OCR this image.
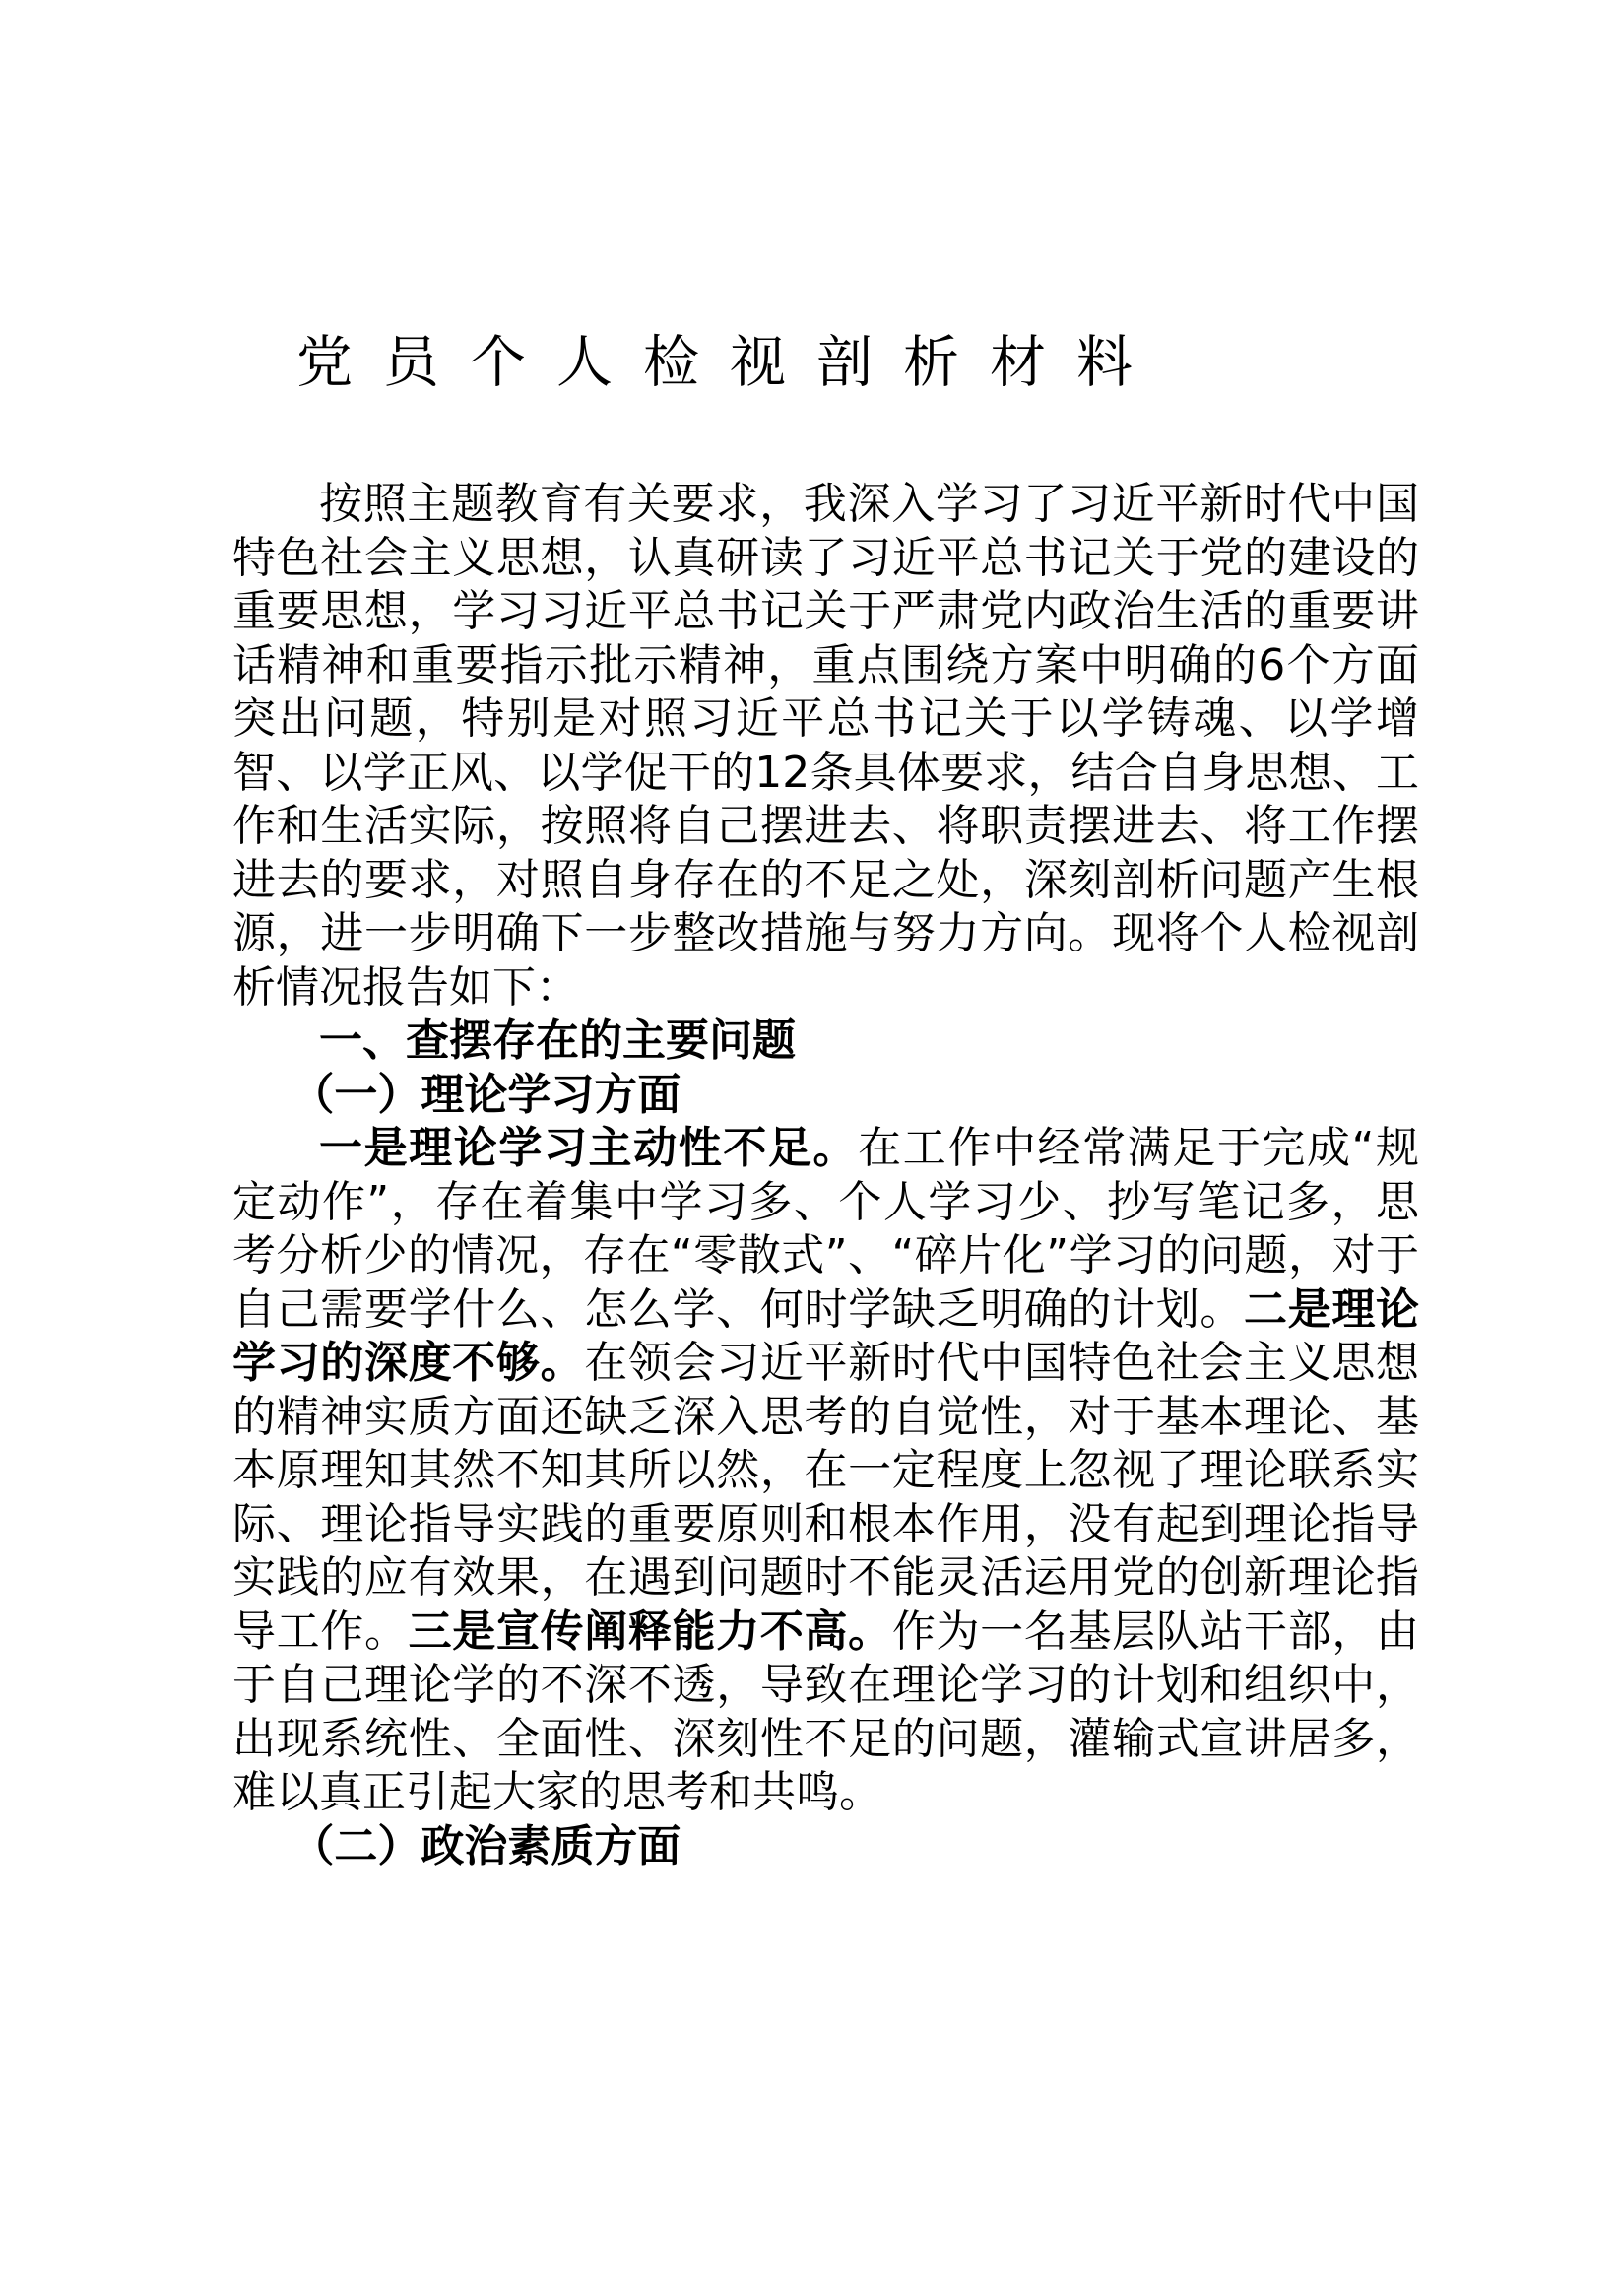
党员个人检视剖析材料

按照主题教育有关要求，我深入学习了习近平新时代中国特色社会主义思想，认真研读了习近平总书记关于党的建设的重要思想，学习习近平总书记关于严肃党内政治生活的重要讲话精神和重要指示批示精神，重点围绕方案中明确的6个方面突出问题，特别是对照习近平总书记关于以学铸魂、以学增智、以学正风、以学促干的12条具体要求，结合自身思想、工作和生活实际，按照将自己摆进去、将职责摆进去、将工作摆进去的要求，对照自身存在的不足之处，深刻剖析问题产生根源，进一步明确下一步整改措施与努力方向。现将个人检视剖析情况报告如下：

一、查摆存在的主要问题

（一）理论学习方面

一是理论学习主动性不足。在工作中经常满足于完成“规定动作”，存在着集中学习多、个人学习少、抄写笔记多，思考分析少的情况，存在“零散式”、“碎片化”学习的问题，对于自己需要学什么、怎么学、何时学缺乏明确的计划。二是理论学习的深度不够。在领会习近平新时代中国特色社会主义思想的精神实质方面还缺乏深入思考的自觉性，对于基本理论、基本原理知其然不知其所以然，在一定程度上忽视了理论联系实际、理论指导实践的重要原则和根本作用，没有起到理论指导实践的应有效果，在遇到问题时不能灵活运用党的创新理论指导工作。三是宣传阐释能力不高。作为一名基层队站干部，由于自己理论学的不深不透，导致在理论学习的计划和组织中，出现系统性、全面性、深刻性不足的问题，灌输式宣讲居多，难以真正引起大家的思考和共鸣。

（二）政治素质方面
